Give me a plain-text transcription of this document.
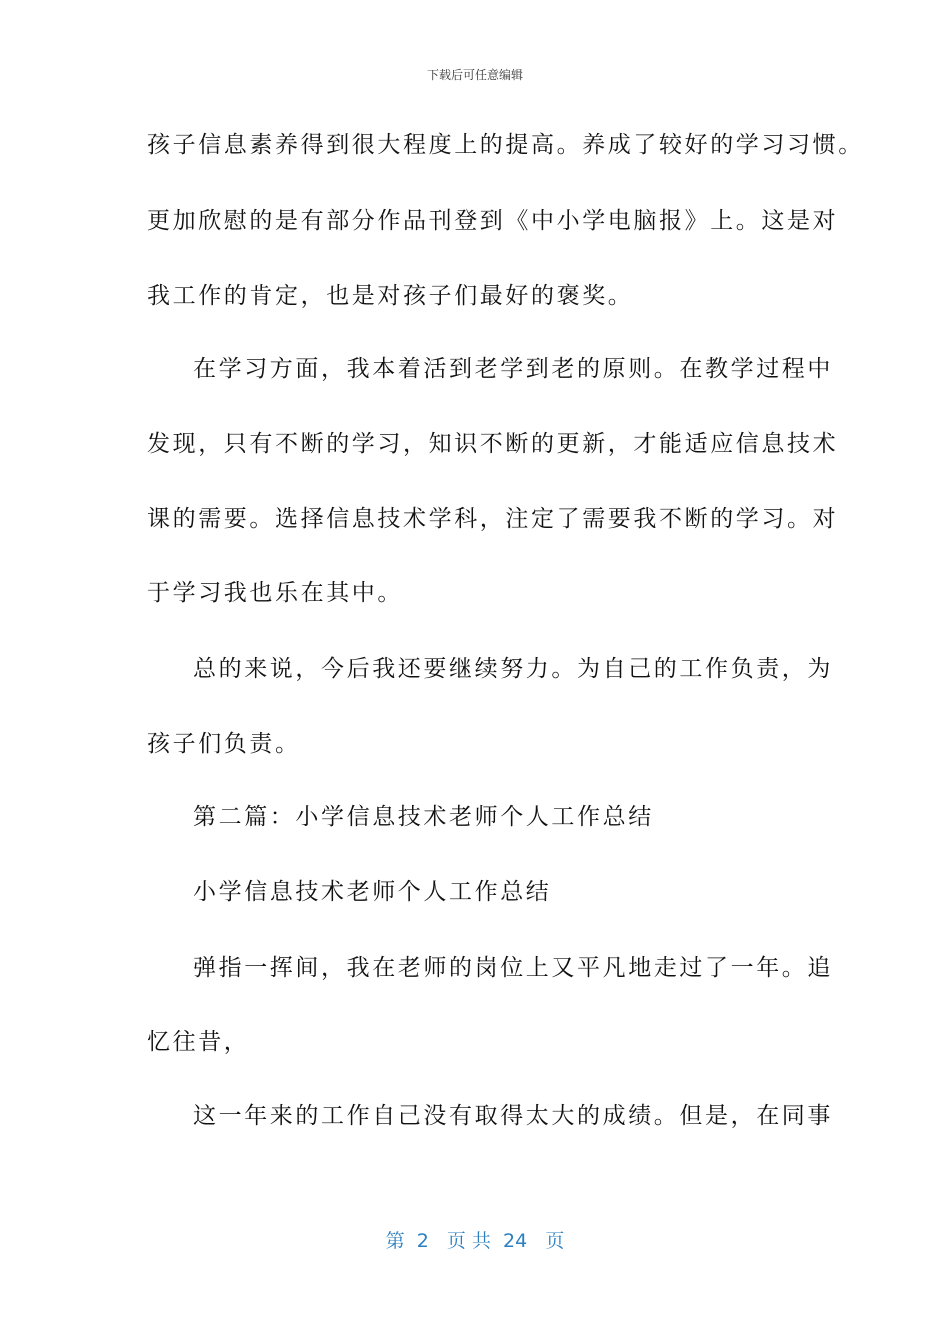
下载后可任意编辑
孩子信息素养得到很大程度上的提高。养成了较好的学习习惯。
更加欣慰的是有部分作品刊登到《中小学电脑报》上。这是对
我工作的肯定，也是对孩子们最好的褒奖。
在学习方面，我本着活到老学到老的原则。在教学过程中
发现，只有不断的学习，知识不断的更新，才能适应信息技术
课的需要。选择信息技术学科，注定了需要我不断的学习。对
于学习我也乐在其中。
总的来说，今后我还要继续努力。为自己的工作负责，为
孩子们负责。
第二篇：小学信息技术老师个人工作总结
小学信息技术老师个人工作总结
弹指一挥间，我在老师的岗位上又平凡地走过了一年。追
忆往昔，
这一年来的工作自己没有取得太大的成绩。但是，在同事
第  2   页 共  24   页
